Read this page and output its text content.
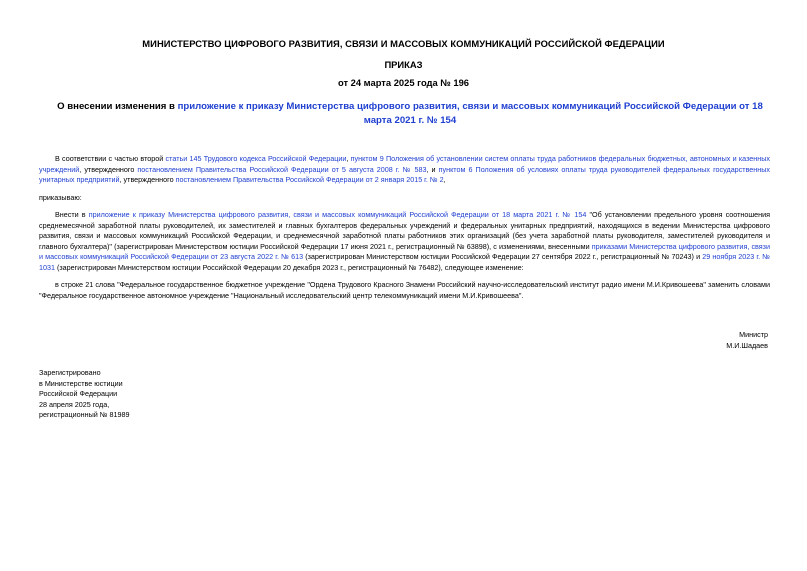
МИНИСТЕРСТВО ЦИФРОВОГО РАЗВИТИЯ, СВЯЗИ И МАССОВЫХ КОММУНИКАЦИЙ РОССИЙСКОЙ ФЕДЕРАЦИИ
ПРИКАЗ
от 24 марта 2025 года № 196
О внесении изменения в приложение к приказу Министерства цифрового развития, связи и массовых коммуникаций Российской Федерации от 18 марта 2021 г. № 154
В соответствии с частью второй статьи 145 Трудового кодекса Российской Федерации, пунктом 9 Положения об установлении систем оплаты труда работников федеральных бюджетных, автономных и казенных учреждений, утвержденного постановлением Правительства Российской Федерации от 5 августа 2008 г. № 583, и пунктом 6 Положения об условиях оплаты труда руководителей федеральных государственных унитарных предприятий, утвержденного постановлением Правительства Российской Федерации от 2 января 2015 г. № 2,
приказываю:
Внести в приложение к приказу Министерства цифрового развития, связи и массовых коммуникаций Российской Федерации от 18 марта 2021 г. № 154 "Об установлении предельного уровня соотношения среднемесячной заработной платы руководителей, их заместителей и главных бухгалтеров федеральных учреждений и федеральных унитарных предприятий, находящихся в ведении Министерства цифрового развития, связи и массовых коммуникаций Российской Федерации, и среднемесячной заработной платы работников этих организаций (без учета заработной платы руководителя, заместителей руководителя и главного бухгалтера)" (зарегистрирован Министерством юстиции Российской Федерации 17 июня 2021 г., регистрационный № 63898), с изменениями, внесенными приказами Министерства цифрового развития, связи и массовых коммуникаций Российской Федерации от 23 августа 2022 г. № 613 (зарегистрирован Министерством юстиции Российской Федерации 27 сентября 2022 г., регистрационный № 70243) и 29 ноября 2023 г. № 1031 (зарегистрирован Министерством юстиции Российской Федерации 20 декабря 2023 г., регистрационный № 76482), следующее изменение:
в строке 21 слова "Федеральное государственное бюджетное учреждение "Ордена Трудового Красного Знамени Российский научно-исследовательский институт радио имени М.И.Кривошеева" заменить словами "Федеральное государственное автономное учреждение "Национальный исследовательский центр телекоммуникаций имени М.И.Кривошеева".
Министр
М.И.Шадаев
Зарегистрировано
в Министерстве юстиции
Российской Федерации
28 апреля 2025 года,
регистрационный № 81989
